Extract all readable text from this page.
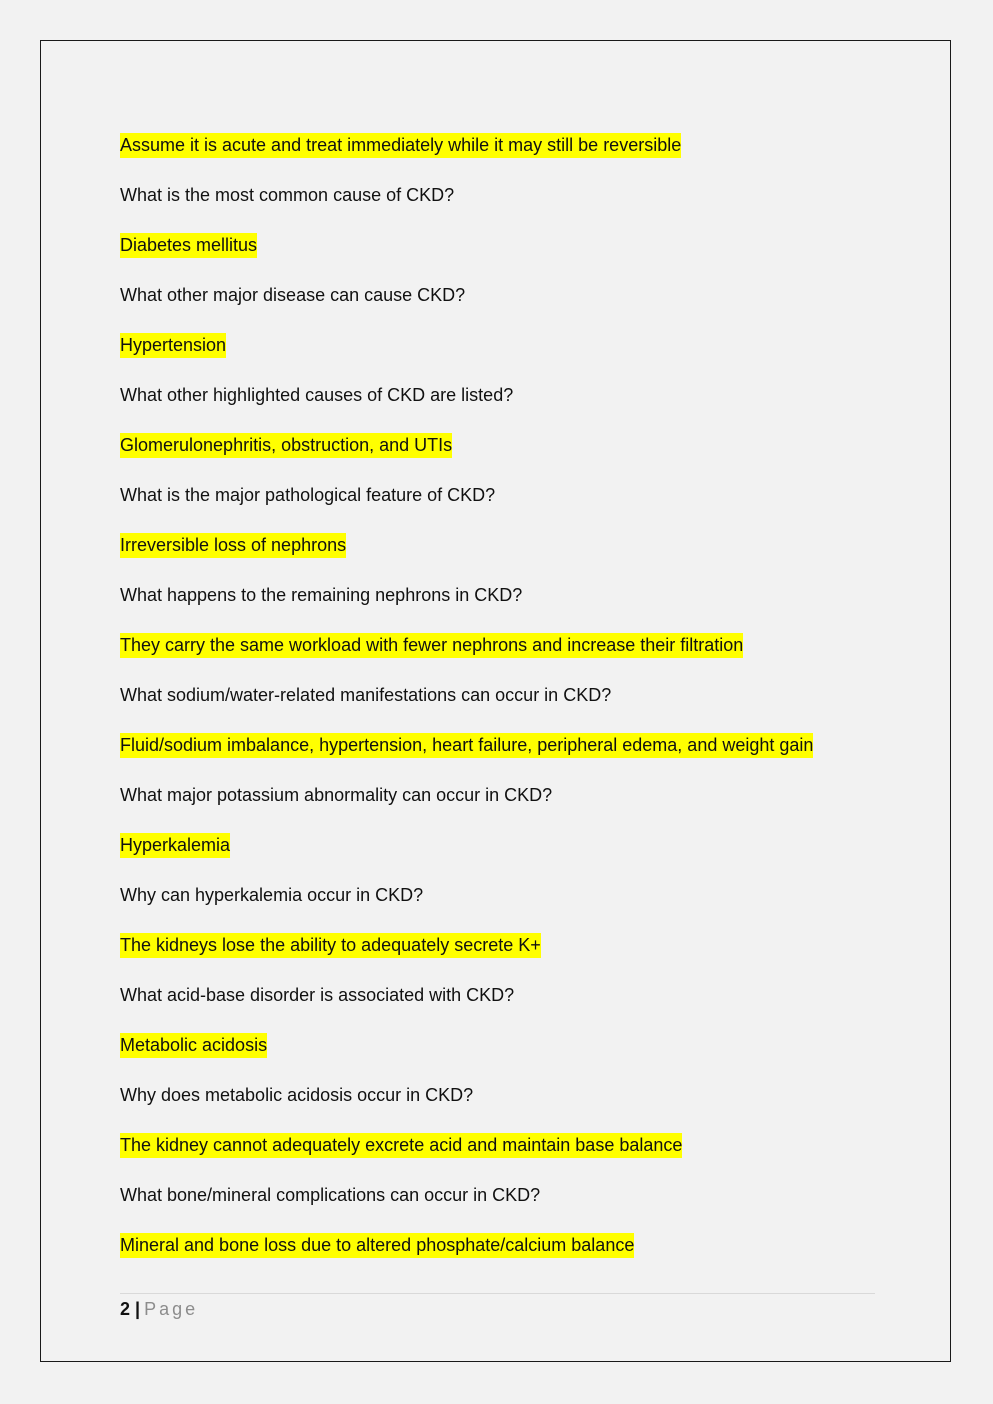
Assume it is acute and treat immediately while it may still be reversible
What is the most common cause of CKD?
Diabetes mellitus
What other major disease can cause CKD?
Hypertension
What other highlighted causes of CKD are listed?
Glomerulonephritis, obstruction, and UTIs
What is the major pathological feature of CKD?
Irreversible loss of nephrons
What happens to the remaining nephrons in CKD?
They carry the same workload with fewer nephrons and increase their filtration
What sodium/water-related manifestations can occur in CKD?
Fluid/sodium imbalance, hypertension, heart failure, peripheral edema, and weight gain
What major potassium abnormality can occur in CKD?
Hyperkalemia
Why can hyperkalemia occur in CKD?
The kidneys lose the ability to adequately secrete K+
What acid-base disorder is associated with CKD?
Metabolic acidosis
Why does metabolic acidosis occur in CKD?
The kidney cannot adequately excrete acid and maintain base balance
What bone/mineral complications can occur in CKD?
Mineral and bone loss due to altered phosphate/calcium balance
2 | Page
